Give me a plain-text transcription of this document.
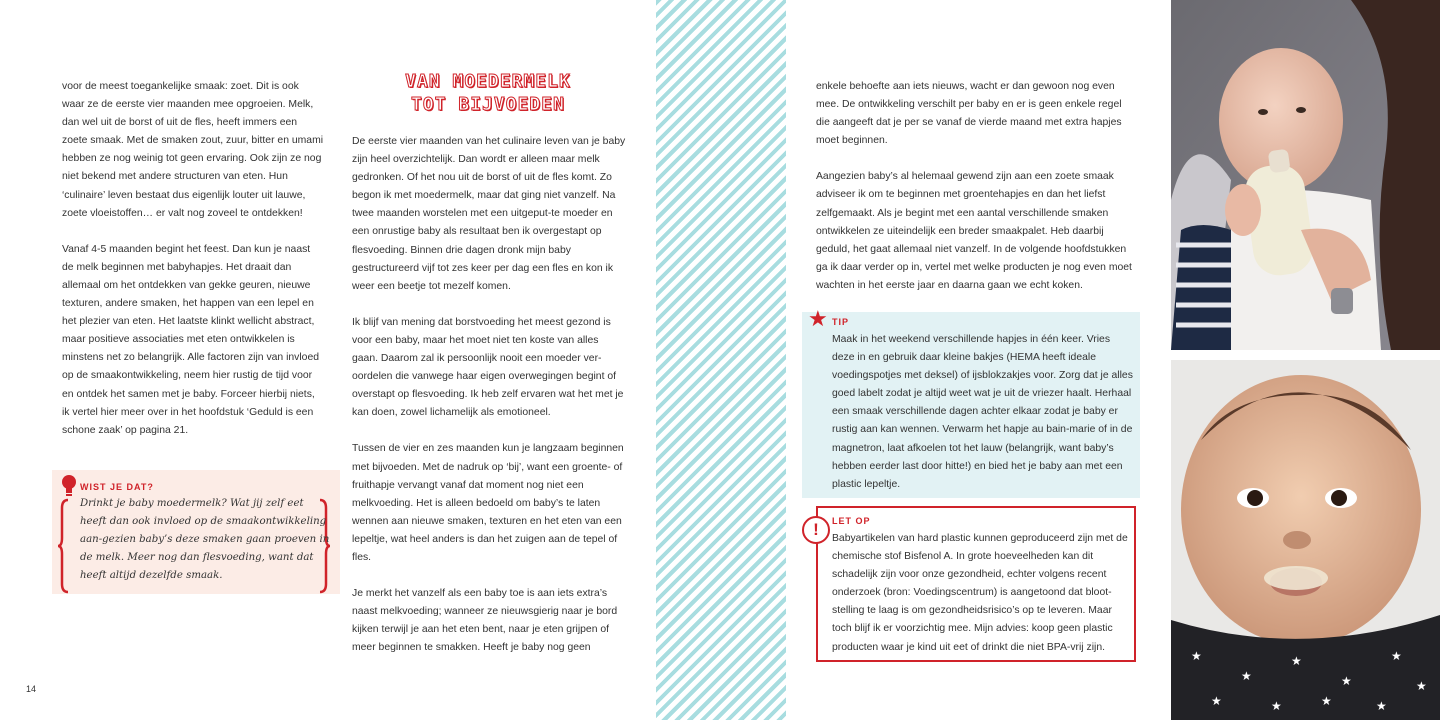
voor de meest toegankelijke smaak: zoet. Dit is ook waar ze de eerste vier maanden mee opgroeien. Melk, dan wel uit de borst of uit de fles, heeft immers een zoete smaak. Met de smaken zout, zuur, bitter en umami hebben ze nog weinig tot geen ervaring. Ook zijn ze nog niet bekend met andere structuren van eten. Hun ‘culinaire’ leven bestaat dus eigenlijk louter uit lauwe, zoete vloeistoffen… er valt nog zoveel te ontdekken!

Vanaf 4-5 maanden begint het feest. Dan kun je naast de melk beginnen met babyhapjes. Het draait dan allemaal om het ontdekken van gekke geuren, nieuwe texturen, andere smaken, het happen van een lepel en het plezier van eten. Het laatste klinkt wellicht abstract, maar positieve associaties met eten ontwikkelen is minstens net zo belangrijk. Alle factoren zijn van invloed op de smaakontwikkeling, neem hier rustig de tijd voor en ontdek het samen met je baby. Forceer hierbij niets, ik vertel hier meer over in het hoofdstuk ‘Geduld is een schone zaak’ op pagina 21.

WIST JE DAT?
Drinkt je baby moedermelk? Wat jij zelf eet heeft dan ook invloed op de smaakontwikkeling aan-gezien baby’s deze smaken gaan proeven in de melk. Meer nog dan flesvoeding, want dat heeft altijd dezelfde smaak.
VAN MOEDERMELK
TOT BIJVOEDEN

De eerste vier maanden van het culinaire leven van je baby zijn heel overzichtelijk. Dan wordt er alleen maar melk gedronken. Of het nou uit de borst of uit de fles komt. Zo begon ik met moedermelk, maar dat ging niet vanzelf. Na twee maanden worstelen met een uitgeput-te moeder en een onrustige baby als resultaat ben ik overgestapt op flesvoeding. Binnen drie dagen dronk mijn baby gestructureerd vijf tot zes keer per dag een fles en kon ik weer een beetje tot mezelf komen.

Ik blijf van mening dat borstvoeding het meest gezond is voor een baby, maar het moet niet ten koste van alles gaan. Daarom zal ik persoonlijk nooit een moeder ver-oordelen die vanwege haar eigen overwegingen begint of overstapt op flesvoeding. Ik heb zelf ervaren wat het met je kan doen, zowel lichamelijk als emotioneel.

Tussen de vier en zes maanden kun je langzaam beginnen met bijvoeden. Met de nadruk op ‘bij’, want een groente- of fruithapje vervangt vanaf dat moment nog niet een melkvoeding. Het is alleen bedoeld om baby’s te laten wennen aan nieuwe smaken, texturen en het eten van een lepeltje, wat heel anders is dan het zuigen aan de tepel of fles.

Je merkt het vanzelf als een baby toe is aan iets extra’s naast melkvoeding; wanneer ze nieuwsgierig naar je bord kijken terwijl je aan het eten bent, naar je eten grijpen of meer beginnen te smakken. Heeft je baby nog geen

14

enkele behoefte aan iets nieuws, wacht er dan gewoon nog even mee. De ontwikkeling verschilt per baby en er is geen enkele regel die aangeeft dat je per se vanaf de vierde maand met extra hapjes moet beginnen.

Aangezien baby’s al helemaal gewend zijn aan een zoete smaak adviseer ik om te beginnen met groentehapjes en dan het liefst zelfgemaakt. Als je begint met een aantal verschillende smaken ontwikkelen ze uiteindelijk een breder smaakpalet. Heb daarbij geduld, het gaat allemaal niet vanzelf. In de volgende hoofdstukken ga ik daar verder op in, vertel met welke producten je nog even moet wachten in het eerste jaar en daarna gaan we echt koken.

★ TIP
Maak in het weekend verschillende hapjes in één keer. Vries deze in en gebruik daar kleine bakjes (HEMA heeft ideale voedingspotjes met deksel) of ijsblokzakjes voor. Zorg dat je alles goed labelt zodat je altijd weet wat je uit de vriezer haalt. Herhaal een smaak verschillende dagen achter elkaar zodat je baby er rustig aan kan wennen. Verwarm het hapje au bain-marie of in de magnetron, laat afkoelen tot het lauw (belangrijk, want baby’s hebben eerder last door hitte!) en bied het je baby aan met een plastic lepeltje.
!	LET OP
Babyartikelen van hard plastic kunnen geproduceerd zijn met de chemische stof Bisfenol A. In grote hoeveelheden kan dit schadelijk zijn voor onze gezondheid, echter volgens recent onderzoek (bron: Voedingscentrum) is aangetoond dat bloot-stelling te laag is om gezondheidsrisico’s op te leveren. Maar toch blijf ik er voorzichtig mee. Mijn advies: koop geen plastic producten waar je kind uit eet of drinkt die niet BPA-vrij zijn.
★
★
★
★
★
★	★	★	★
★
